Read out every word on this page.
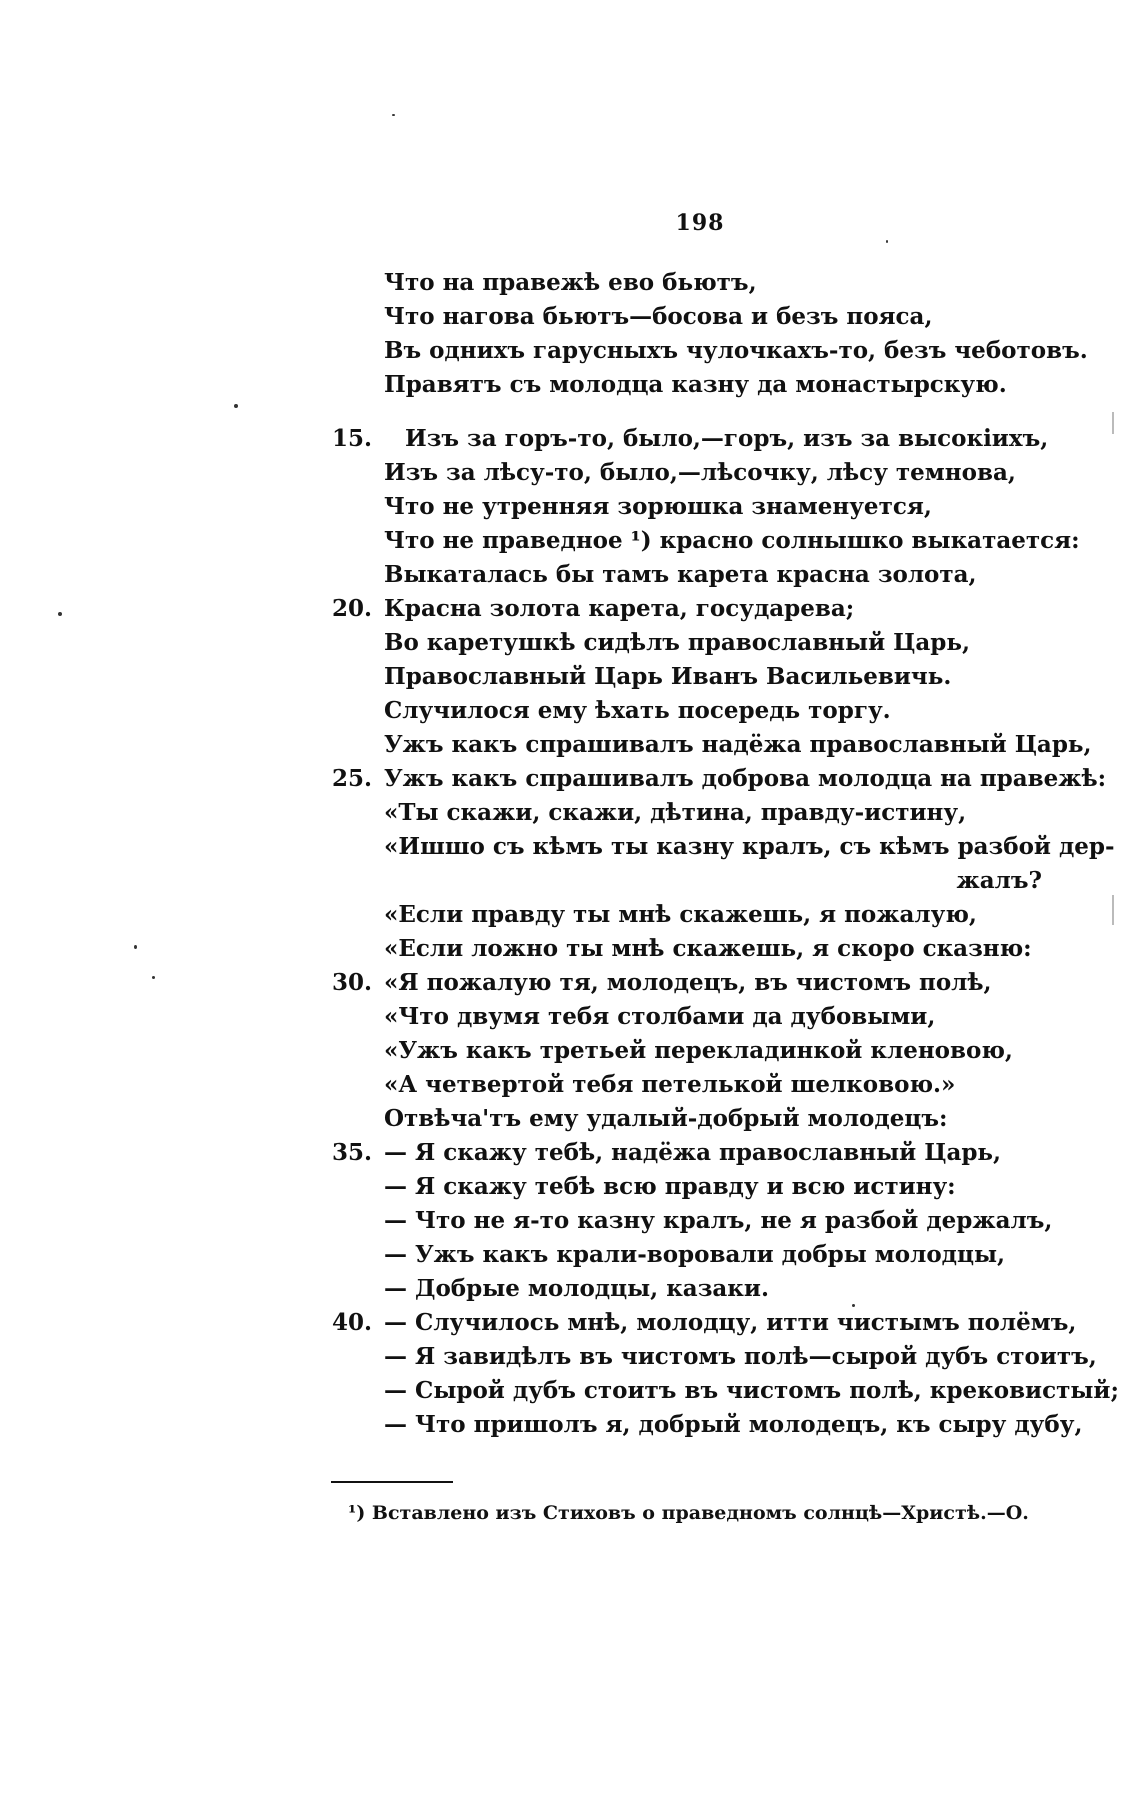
198
Что на правежѣ ево бьютъ,
Что нагова бьютъ—босова и безъ пояса,
Въ однихъ гарусныхъ чулочкахъ-то, безъ чеботовъ.
Правятъ съ молодца казну да монастырскую.
15.	Изъ за горъ-то, было,—горъ, изъ за высокіихъ,
Изъ за лѣсу-то, было,—лѣсочку, лѣсу темнова,
Что не утренняя зорюшка знаменуется,
Что не праведное ¹) красно солнышко выкатается:
Выкаталась бы тамъ карета красна золота,
20. Красна золота карета, государева;
Во каретушкѣ сидѣлъ православный Царь,
Православный Царь Иванъ Васильевичь.
Случилося ему ѣхать посередь торгу.
Ужъ какъ спрашивалъ надёжа православный Царь,
25. Ужъ какъ спрашивалъ доброва молодца на правежѣ:
«Ты скажи, скажи, дѣтина, правду-истину,
«Ишшо съ кѣмъ ты казну кралъ, съ кѣмъ разбой дер-
жалъ?
«Если правду ты мнѣ скажешь, я пожалую,
«Если ложно ты мнѣ скажешь, я скоро сказню:
30. «Я пожалую тя, молодецъ, въ чистомъ полѣ,
«Что двумя тебя столбами да дубовыми,
«Ужъ какъ третьей перекладинкой кленовою,
«А четвертой тебя петелькой шелковою.»
Отвѣча'тъ ему удалый-добрый молодецъ:
35. — Я скажу тебѣ, надёжа православный Царь,
— Я скажу тебѣ всю правду и всю истину:
— Что не я-то казну кралъ, не я разбой держалъ,
— Ужъ какъ крали-воровали добры молодцы,
— Добрые молодцы, казаки.
40. — Случилось мнѣ, молодцу, итти чистымъ полёмъ,
— Я завидѣлъ въ чистомъ полѣ—сырой дубъ стоитъ,
— Сырой дубъ стоитъ въ чистомъ полѣ, крековистый;
— Что пришолъ я, добрый молодецъ, къ сыру дубу,
¹) Вставлено изъ Стиховъ о праведномъ солнцѣ—Христѣ.—О.
